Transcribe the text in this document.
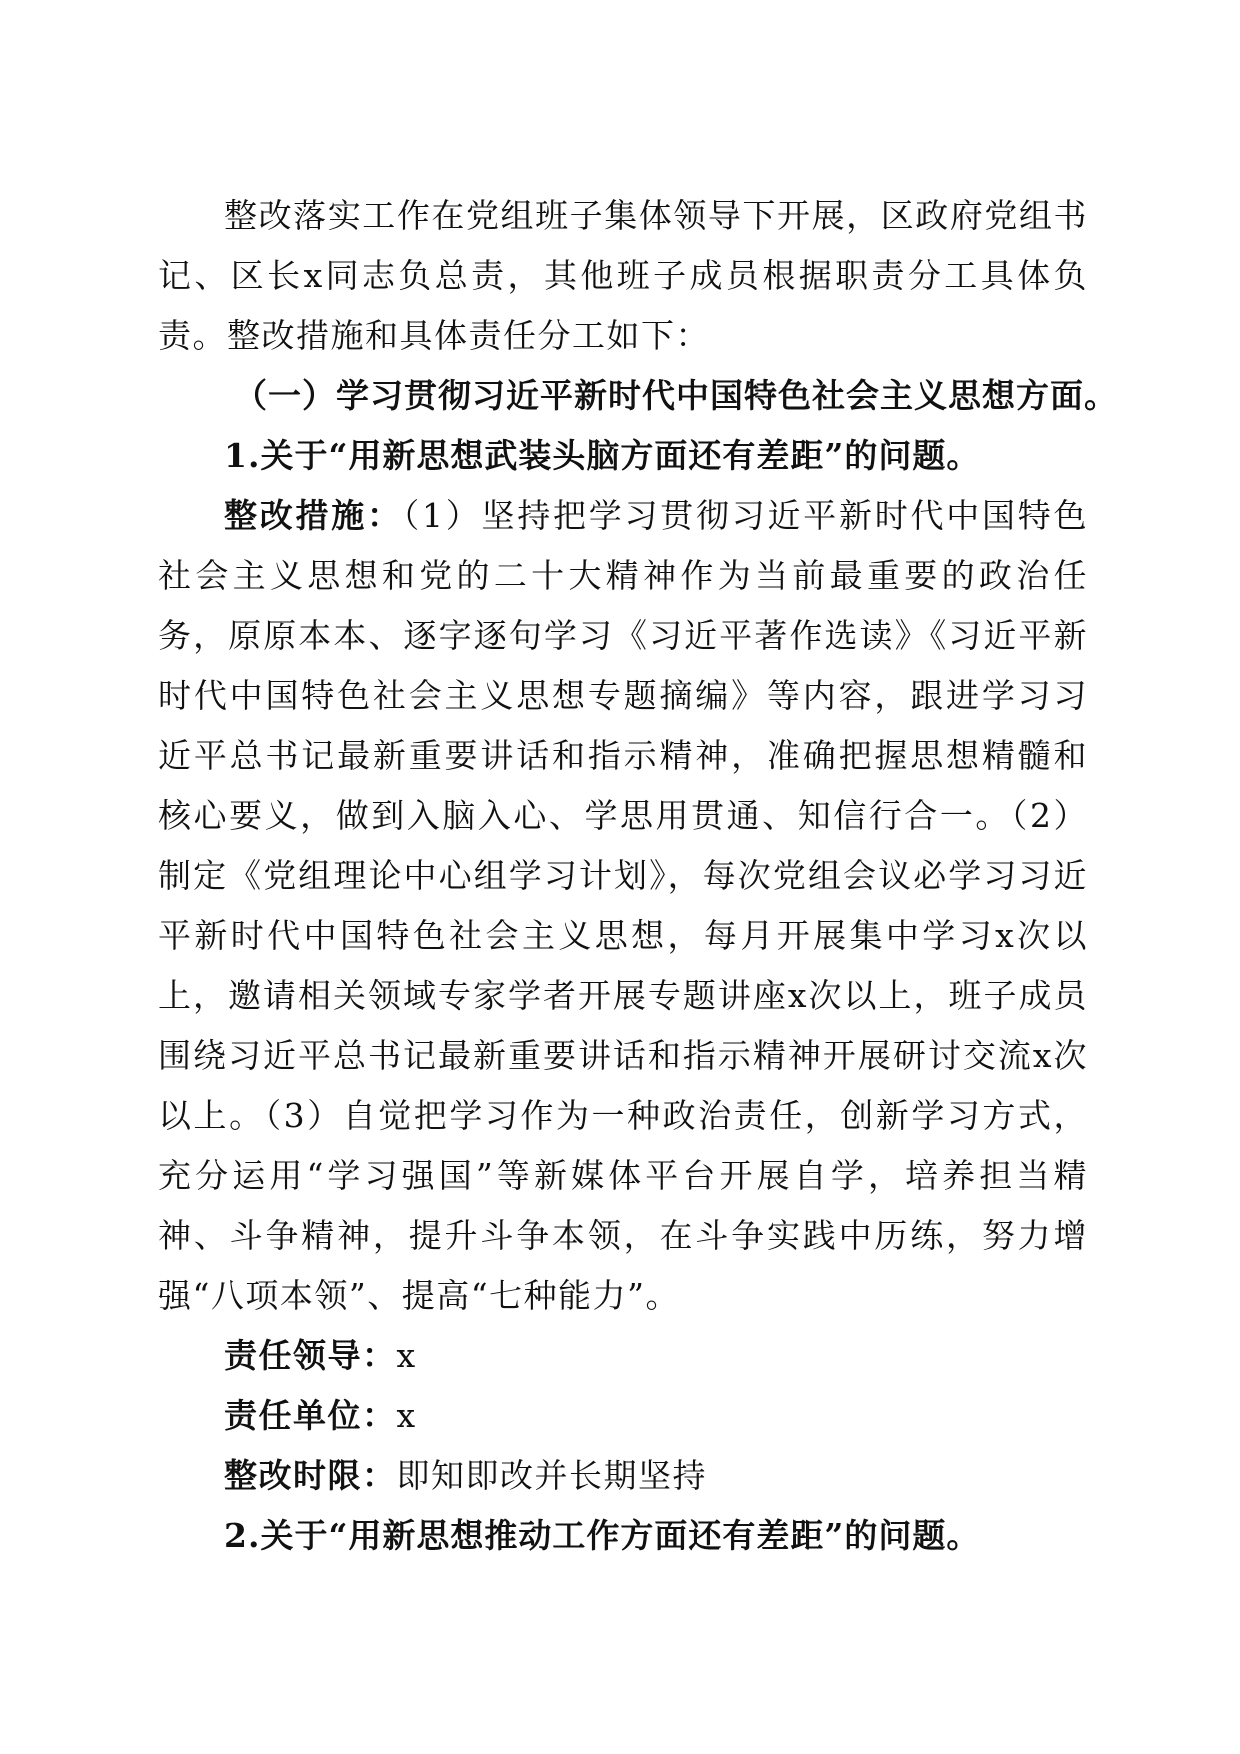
整改落实工作在党组班子集体领导下开展，区政府党组书记、区长x同志负总责，其他班子成员根据职责分工具体负责。整改措施和具体责任分工如下：

（一）学习贯彻习近平新时代中国特色社会主义思想方面。

1.关于“用新思想武装头脑方面还有差距”的问题。

整改措施：（1）坚持把学习贯彻习近平新时代中国特色社会主义思想和党的二十大精神作为当前最重要的政治任务，原原本本、逐字逐句学习《习近平著作选读》《习近平新时代中国特色社会主义思想专题摘编》等内容，跟进学习习近平总书记最新重要讲话和指示精神，准确把握思想精髓和核心要义，做到入脑入心、学思用贯通、知信行合一。（2）制定《党组理论中心组学习计划》，每次党组会议必学习习近平新时代中国特色社会主义思想，每月开展集中学习x次以上，邀请相关领域专家学者开展专题讲座x次以上，班子成员围绕习近平总书记最新重要讲话和指示精神开展研讨交流x次以上。（3）自觉把学习作为一种政治责任，创新学习方式，充分运用“学习强国”等新媒体平台开展自学，培养担当精神、斗争精神，提升斗争本领，在斗争实践中历练，努力增强“八项本领”、提高“七种能力”。

责任领导：x

责任单位：x

整改时限：即知即改并长期坚持

2.关于“用新思想推动工作方面还有差距”的问题。
